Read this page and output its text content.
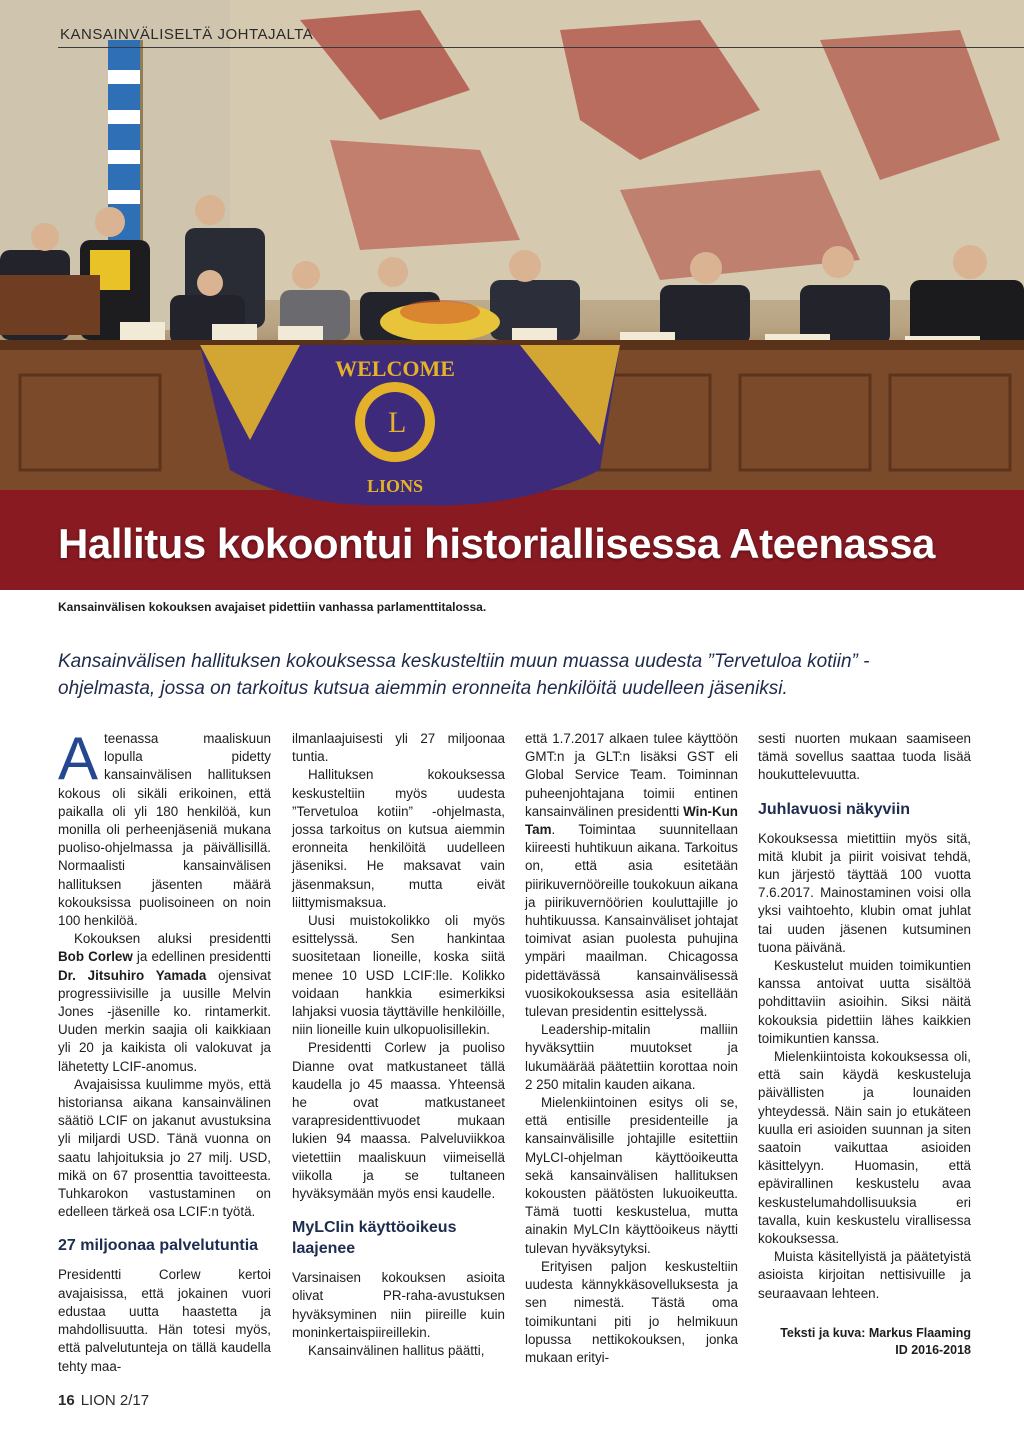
L
WELCOME
LIONS
KANSAINVÄLISELTÄ JOHTAJALTA
Hallitus kokoontui historiallisessa Ateenassa
Kansainvälisen kokouksen avajaiset pidettiin vanhassa parlamenttitalossa.
Kansainvälisen hallituksen kokouksessa keskusteltiin muun muassa uudesta ”Tervetuloa kotiin” -ohjelmasta, jossa on tarkoitus kutsua aiemmin eronneita henkilöitä uudelleen jäseniksi.

Ateenassa maaliskuun lopulla pidetty kansainvälisen hallituksen kokous oli sikäli erikoinen, että paikalla oli yli 180 henkilöä, kun monilla oli perheenjäseniä mukana puoliso-ohjelmassa ja päivällisillä. Normaalisti kansainvälisen hallituksen jäsenten määrä kokouksissa puolisoineen on noin 100 henkilöä.

Kokouksen aluksi presidentti Bob Corlew ja edellinen presidentti Dr. Jitsuhiro Yamada ojensivat progressiivisille ja uusille Melvin Jones -jäsenille ko. rintamerkit. Uuden merkin saajia oli kaikkiaan yli 20 ja kaikista oli valokuvat ja lähetetty LCIF-anomus.

Avajaisissa kuulimme myös, että historiansa aikana kansainvälinen säätiö LCIF on jakanut avustuksina yli miljardi USD. Tänä vuonna on saatu lahjoituksia jo 27 milj. USD, mikä on 67 prosenttia tavoitteesta. Tuhkarokon vastustaminen on edelleen tärkeä osa LCIF:n työtä.

27 miljoonaa palvelutuntia

Presidentti Corlew kertoi avajaisissa, että jokainen vuori edustaa uutta haastetta ja mahdollisuutta. Hän totesi myös, että palvelutunteja on tällä kaudella tehty maa-

ilmanlaajuisesti yli 27 miljoonaa tuntia.

Hallituksen kokouksessa keskusteltiin myös uudesta ”Tervetuloa kotiin” -ohjelmasta, jossa tarkoitus on kutsua aiemmin eronneita henkilöitä uudelleen jäseniksi. He maksavat vain jäsenmaksun, mutta eivät liittymismaksua.

Uusi muistokolikko oli myös esittelyssä. Sen hankintaa suositetaan lioneille, koska siitä menee 10 USD LCIF:lle. Kolikko voidaan hankkia esimerkiksi lahjaksi vuosia täyttäville henkilöille, niin lioneille kuin ulkopuolisillekin.

Presidentti Corlew ja puoliso Dianne ovat matkustaneet tällä kaudella jo 45 maassa. Yhteensä he ovat matkustaneet varapresidenttivuodet mukaan lukien 94 maassa. Palveluviikkoa vietettiin maaliskuun viimeisellä viikolla ja se tultaneen hyväksymään myös ensi kaudelle.

MyLCIin käyttöoikeus laajenee

Varsinaisen kokouksen asioita olivat PR-raha-avustuksen hyväksyminen niin piireille kuin moninkertaispiireillekin.

Kansainvälinen hallitus päätti,

että 1.7.2017 alkaen tulee käyttöön GMT:n ja GLT:n lisäksi GST eli Global Service Team. Toiminnan puheenjohtajana toimii entinen kansainvälinen presidentti Win-Kun Tam. Toimintaa suunnitellaan kiireesti huhtikuun aikana. Tarkoitus on, että asia esitetään piirikuvernööreille toukokuun aikana ja piirikuvernöörien kouluttajille jo huhtikuussa. Kansainväliset johtajat toimivat asian puolesta puhujina ympäri maailman. Chicagossa pidettävässä kansainvälisessä vuosikokouksessa asia esitellään tulevan presidentin esittelyssä.

Leadership-mitalin malliin hyväksyttiin muutokset ja lukumäärää päätettiin korottaa noin 2 250 mitalin kauden aikana.

Mielenkiintoinen esitys oli se, että entisille presidenteille ja kansainvälisille johtajille esitettiin MyLCI-ohjelman käyttöoikeutta sekä kansainvälisen hallituksen kokousten päätösten lukuoikeutta. Tämä tuotti keskustelua, mutta ainakin MyLCIn käyttöoikeus näytti tulevan hyväksytyksi.

Erityisen paljon keskusteltiin uudesta kännykkäsovelluksesta ja sen nimestä. Tästä oma toimikuntani piti jo helmikuun lopussa nettikokouksen, jonka mukaan erityi-

sesti nuorten mukaan saamiseen tämä sovellus saattaa tuoda lisää houkuttelevuutta.

Juhlavuosi näkyviin

Kokouksessa mietittiin myös sitä, mitä klubit ja piirit voisivat tehdä, kun järjestö täyttää 100 vuotta 7.6.2017. Mainostaminen voisi olla yksi vaihtoehto, klubin omat juhlat tai uuden jäsenen kutsuminen tuona päivänä.

Keskustelut muiden toimikuntien kanssa antoivat uutta sisältöä pohdittaviin asioihin. Siksi näitä kokouksia pidettiin lähes kaikkien toimikuntien kanssa.

Mielenkiintoista kokouksessa oli, että sain käydä keskusteluja päivällisten ja lounaiden yhteydessä. Näin sain jo etukäteen kuulla eri asioiden suunnan ja siten saatoin vaikuttaa asioiden käsittelyyn. Huomasin, että epävirallinen keskustelu avaa keskustelumahdollisuuksia eri tavalla, kuin keskustelu virallisessa kokouksessa.

Muista käsitellyistä ja päätetyistä asioista kirjoitan nettisivuille ja seuraavaan lehteen.

Teksti ja kuva: Markus Flaaming
ID 2016-2018
16 LION 2/17
